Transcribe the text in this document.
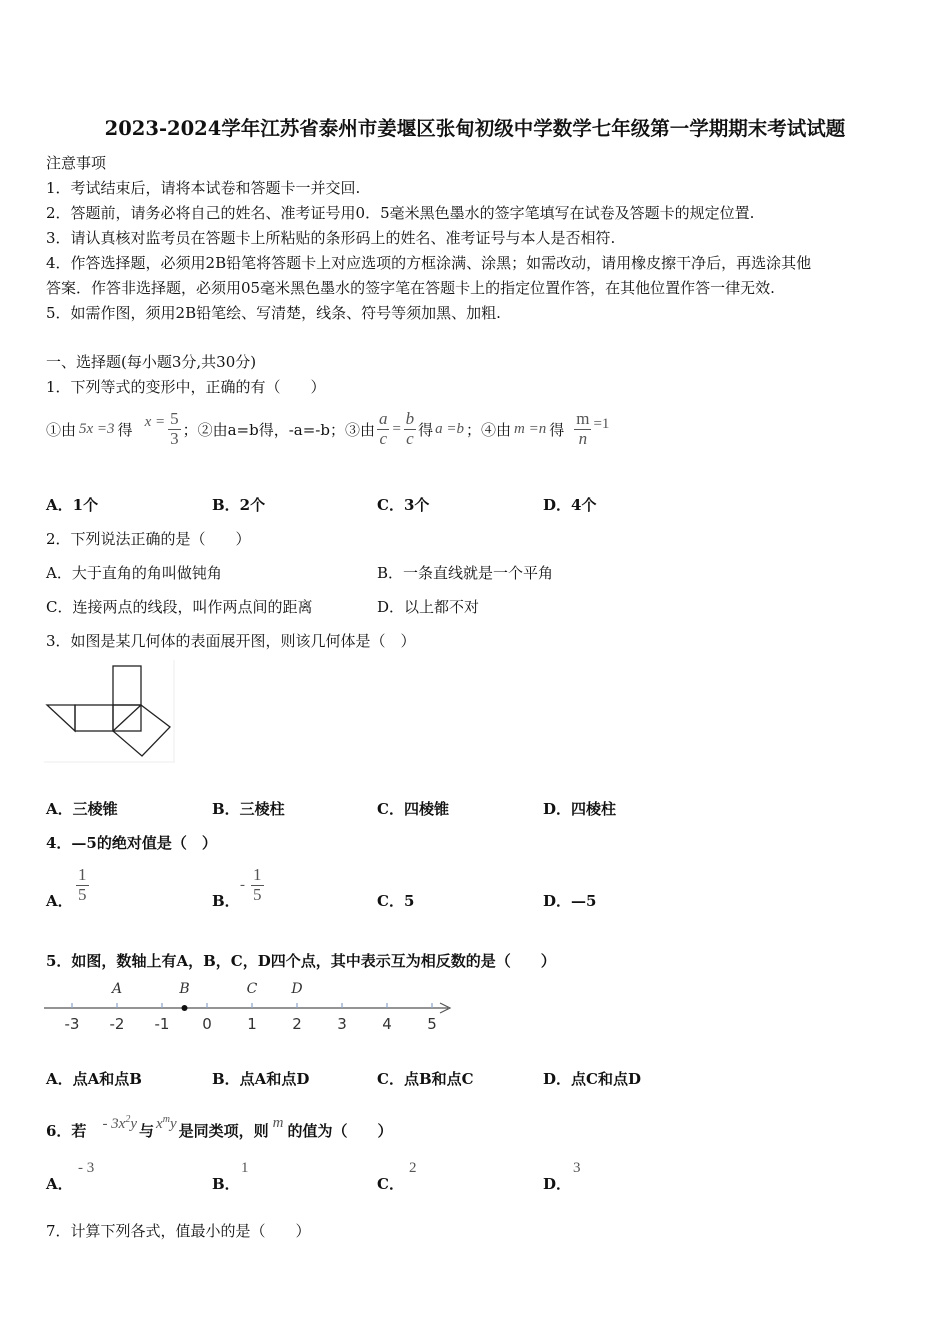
2023-2024学年江苏省泰州市姜堰区张甸初级中学数学七年级第一学期期末考试试题
注意事项
1．考试结束后，请将本试卷和答题卡一并交回.
2．答题前，请务必将自己的姓名、准考证号用0．5毫米黑色墨水的签字笔填写在试卷及答题卡的规定位置.
3．请认真核对监考员在答题卡上所粘贴的条形码上的姓名、准考证号与本人是否相符.
4．作答选择题，必须用2B铅笔将答题卡上对应选项的方框涂满、涂黑；如需改动，请用橡皮擦干净后，再选涂其他
答案．作答非选择题，必须用05毫米黑色墨水的签字笔在答题卡上的指定位置作答，在其他位置作答一律无效.
5．如需作图，须用2B铅笔绘、写清楚，线条、符号等须加黑、加粗.
一、选择题(每小题3分,共30分)
1．下列等式的变形中，正确的有（　　）
①由 5x =3 得 $x = \frac{5}{3}$ ；②由a=b得，-a=-b；③由 $\frac{a}{c} = \frac{b}{c}$ 得 a =b ；④由 m =n 得 $\frac{m}{n} =1$
A．1个	B．2个	C．3个	D．4个
2．下列说法正确的是（　　）
A．大于直角的角叫做钝角	B．一条直线就是一个平角
C．连接两点的线段，叫作两点间的距离	D．以上都不对
3．如图是某几何体的表面展开图，则该几何体是（　）
A．三棱锥	B．三棱柱	C．四棱锥	D．四棱柱
4．—5的绝对值是（　）
A． $\frac{1}{5}$	B．
- $\frac{1}{5}$	C．5	D．—5
5．如图，数轴上有A，B，C，D四个点，其中表示互为相反数的是（　　）
-3 -2 -1 0 1 2 3 4 5
A	B	C D
A．点A和点B	B．点A和点D	C．点B和点C	D．点C和点D
6．若 - $3x^2y$ 与 $x^my$ 是同类项，则 m 的值为（　　）
A．
- 3
B．
1
C．
2
D．
3
7．计算下列各式，值最小的是（　　）
